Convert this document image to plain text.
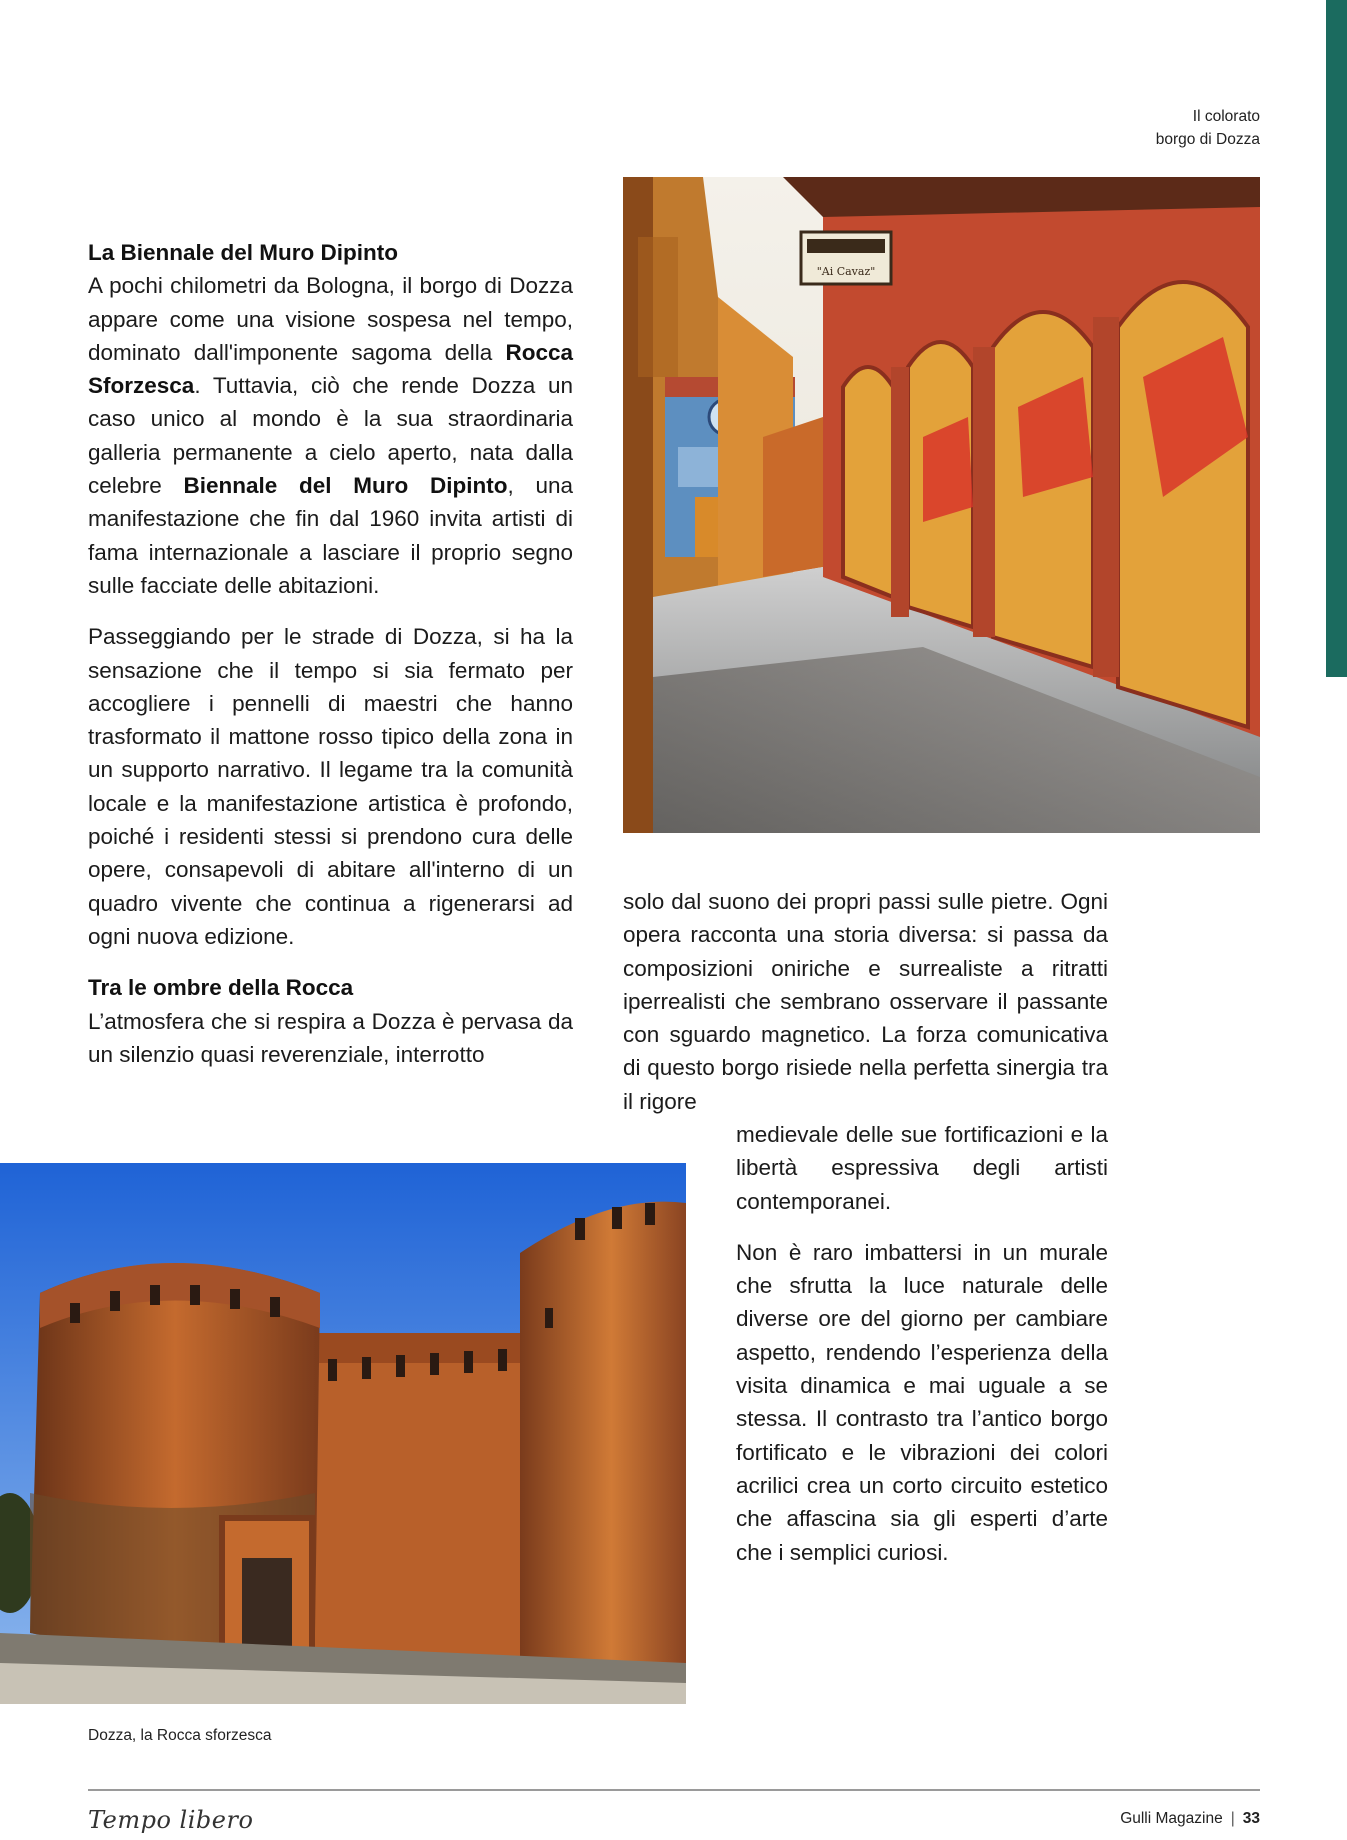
Il colorato
borgo di Dozza
"Ai Cavaz"
La Biennale del Muro Dipinto

A pochi chilometri da Bologna, il borgo di Dozza appare come una visione sospesa nel tempo, dominato dall'imponente sagoma della Rocca Sforzesca. Tuttavia, ciò che rende Dozza un caso unico al mondo è la sua straordinaria galleria permanente a cielo aperto, nata dalla celebre Biennale del Muro Dipinto, una manifestazione che fin dal 1960 invita artisti di fama internazionale a lasciare il proprio segno sulle facciate delle abitazioni.

Passeggiando per le strade di Dozza, si ha la sensazione che il tempo si sia fermato per accogliere i pennelli di maestri che hanno trasformato il mattone rosso tipico della zona in un supporto narrativo. Il legame tra la comunità locale e la manifestazione artistica è profondo, poiché i residenti stessi si prendono cura delle opere, consapevoli di abitare all'interno di un quadro vivente che continua a rigenerarsi ad ogni nuova edizione.

Tra le ombre della Rocca

L’atmosfera che si respira a Dozza è pervasa da un silenzio quasi reverenziale, interrotto

solo dal suono dei propri passi sulle pietre. Ogni opera racconta una storia diversa: si passa da composizioni oniriche e surrealiste a ritratti iperrealisti che sembrano osservare il passante con sguardo magnetico. La forza comunicativa di questo borgo risiede nella perfetta sinergia tra il rigore

medievale delle sue fortificazioni e la libertà espressiva degli artisti contemporanei.

Non è raro imbattersi in un murale che sfrutta la luce naturale delle diverse ore del giorno per cambiare aspetto, rendendo l’esperienza della visita dinamica e mai uguale a se stessa. Il contrasto tra l’antico borgo fortificato e le vibrazioni dei colori acrilici crea un corto circuito estetico che affascina sia gli esperti d’arte che i semplici curiosi.

Dozza, la Rocca sforzesca
Tempo libero	Gulli Magazine | 33
